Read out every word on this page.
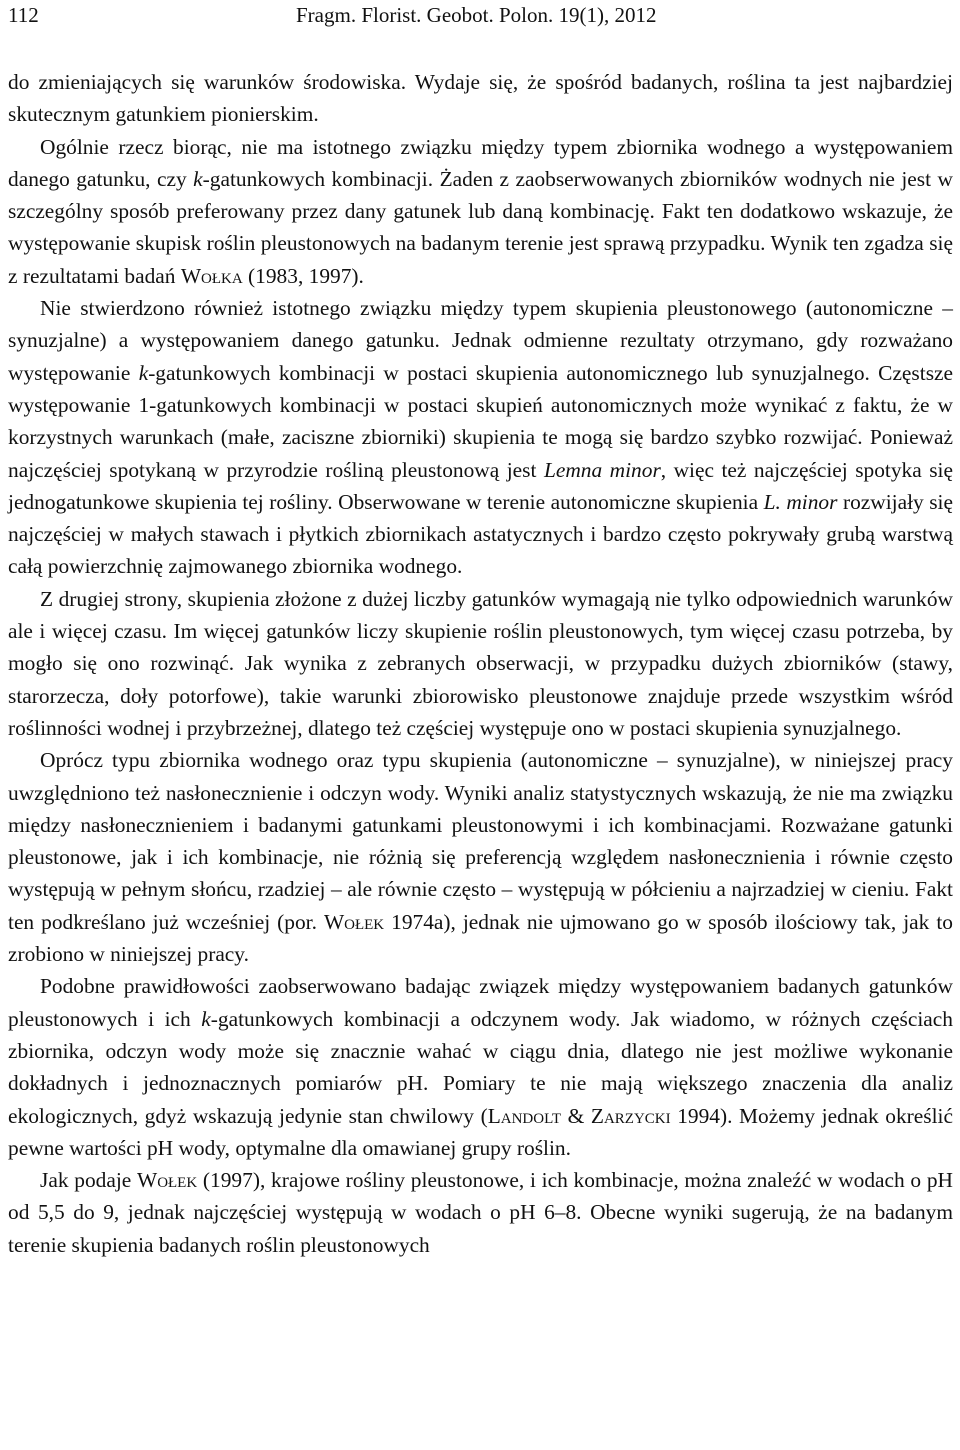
112	Fragm. Florist. Geobot. Polon. 19(1), 2012

do zmieniających się warunków środowiska. Wydaje się, że spośród badanych, roślina ta jest najbardziej skutecznym gatunkiem pionierskim.

Ogólnie rzecz biorąc, nie ma istotnego związku między typem zbiornika wodnego a występowaniem danego gatunku, czy k-gatunkowych kombinacji. Żaden z zaobserwowanych zbiorników wodnych nie jest w szczególny sposób preferowany przez dany gatunek lub daną kombinację. Fakt ten dodatkowo wskazuje, że występowanie skupisk roślin pleustonowych na badanym terenie jest sprawą przypadku. Wynik ten zgadza się z rezultatami badań Wołka (1983, 1997).

Nie stwierdzono również istotnego związku między typem skupienia pleustonowego (autonomiczne – synuzjalne) a występowaniem danego gatunku. Jednak odmienne rezultaty otrzymano, gdy rozważano występowanie k-gatunkowych kombinacji w postaci skupienia autonomicznego lub synuzjalnego. Częstsze występowanie 1-gatunkowych kombinacji w postaci skupień autonomicznych może wynikać z faktu, że w korzystnych warunkach (małe, zaciszne zbiorniki) skupienia te mogą się bardzo szybko rozwijać. Ponieważ najczęściej spotykaną w przyrodzie rośliną pleustonową jest Lemna minor, więc też najczęściej spotyka się jednogatunkowe skupienia tej rośliny. Obserwowane w terenie autonomiczne skupienia L. minor rozwijały się najczęściej w małych stawach i płytkich zbiornikach astatycznych i bardzo często pokrywały grubą warstwą całą powierzchnię zajmowanego zbiornika wodnego.

Z drugiej strony, skupienia złożone z dużej liczby gatunków wymagają nie tylko odpowiednich warunków ale i więcej czasu. Im więcej gatunków liczy skupienie roślin pleustonowych, tym więcej czasu potrzeba, by mogło się ono rozwinąć. Jak wynika z zebranych obserwacji, w przypadku dużych zbiorników (stawy, starorzecza, doły potorfowe), takie warunki zbiorowisko pleustonowe znajduje przede wszystkim wśród roślinności wodnej i przybrzeżnej, dlatego też częściej występuje ono w postaci skupienia synuzjalnego.

Oprócz typu zbiornika wodnego oraz typu skupienia (autonomiczne – synuzjalne), w niniejszej pracy uwzględniono też nasłonecznienie i odczyn wody. Wyniki analiz statystycznych wskazują, że nie ma związku między nasłonecznieniem i badanymi gatunkami pleustonowymi i ich kombinacjami. Rozważane gatunki pleustonowe, jak i ich kombinacje, nie różnią się preferencją względem nasłonecznienia i równie często występują w pełnym słońcu, rzadziej – ale równie często – występują w półcieniu a najrzadziej w cieniu. Fakt ten podkreślano już wcześniej (por. Wołek 1974a), jednak nie ujmowano go w sposób ilościowy tak, jak to zrobiono w niniejszej pracy.

Podobne prawidłowości zaobserwowano badając związek między występowaniem badanych gatunków pleustonowych i ich k-gatunkowych kombinacji a odczynem wody. Jak wiadomo, w różnych częściach zbiornika, odczyn wody może się znacznie wahać w ciągu dnia, dlatego nie jest możliwe wykonanie dokładnych i jednoznacznych pomiarów pH. Pomiary te nie mają większego znaczenia dla analiz ekologicznych, gdyż wskazują jedynie stan chwilowy (Landolt & Zarzycki 1994). Możemy jednak określić pewne wartości pH wody, optymalne dla omawianej grupy roślin.

Jak podaje Wołek (1997), krajowe rośliny pleustonowe, i ich kombinacje, można znaleźć w wodach o pH od 5,5 do 9, jednak najczęściej występują w wodach o pH 6–8. Obecne wyniki sugerują, że na badanym terenie skupienia badanych roślin pleustonowych
